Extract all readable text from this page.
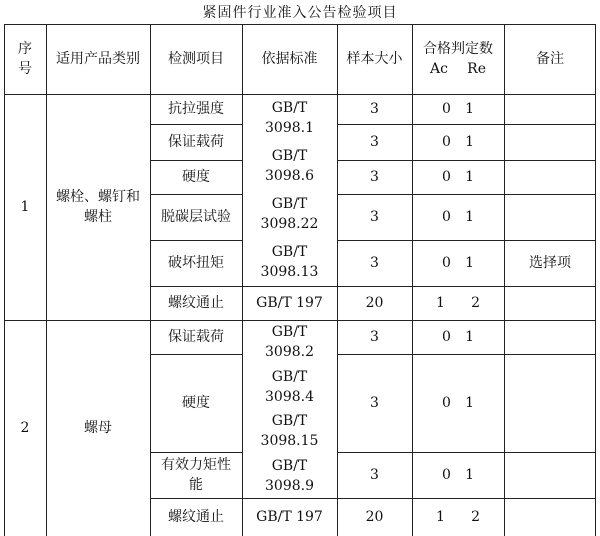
紧固件行业准入公告检验项目
序号
适用产品类别 检测项目	依据标准 样本大小
合格判定数
Ac Re
备注
1
螺栓、螺钉和螺柱
抗拉强度
保证载荷
硬度
脱碳层试验
破坏扭矩
螺纹通止
GB/T 3098.1
GB/T 3098.6
GB/T 3098.22
GB/T 3098.13
GB/T 197
3
3
3
3
3
20
0 1
0 1
0 1
0 1
0 1
1 2
选择项
2	螺母
保证载荷
硬度
有效力矩性能
螺纹通止
GB/T 3098.2
GB/T 3098.4
GB/T 3098.15
GB/T 3098.9
GB/T 197
3
3
3
20
0 1
0 1
0 1
1 2
